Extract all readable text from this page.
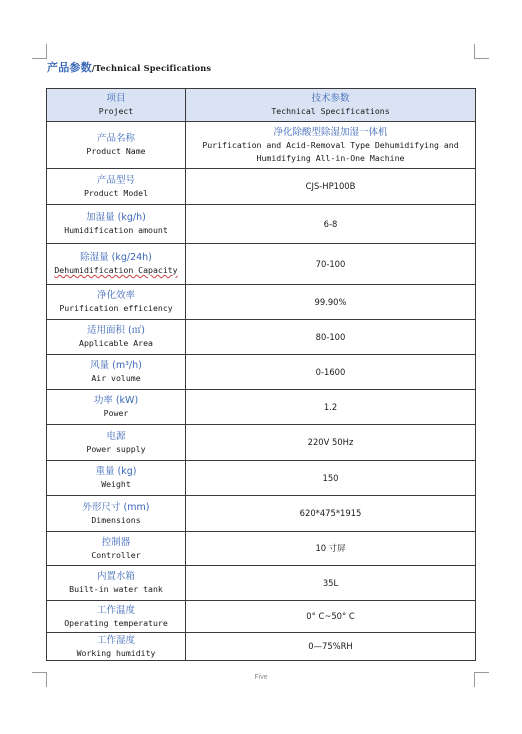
产品参数/Technical Specifications
项目
Project	技术参数
Technical Specifications

产品名称
Product Name	净化除酸型除湿加湿一体机
Purification and Acid-Removal Type Dehumidifying and Humidifying All-in-One Machine

产品型号
Product Model	CJS-HP100B

加湿量 (kg/h)
Humidification amount	6-8

除湿量 (kg/24h)
Dehumidification Capacity	70-100

净化效率
Purification efficiency	99.90%

适用面积 (㎡)
Applicable Area	80-100

风量 (m³/h)
Air volume	0-1600

功率 (kW)
Power	1.2

电源
Power supply	220V 50Hz

重量 (kg)
Weight	150

外形尺寸 (mm)
Dimensions	620*475*1915

控制器
Controller	10 寸屏

内置水箱
Built-in water tank	35L

工作温度
Operating temperature	0° C~50° C

工作湿度
Working humidity	0—75%RH
Five
